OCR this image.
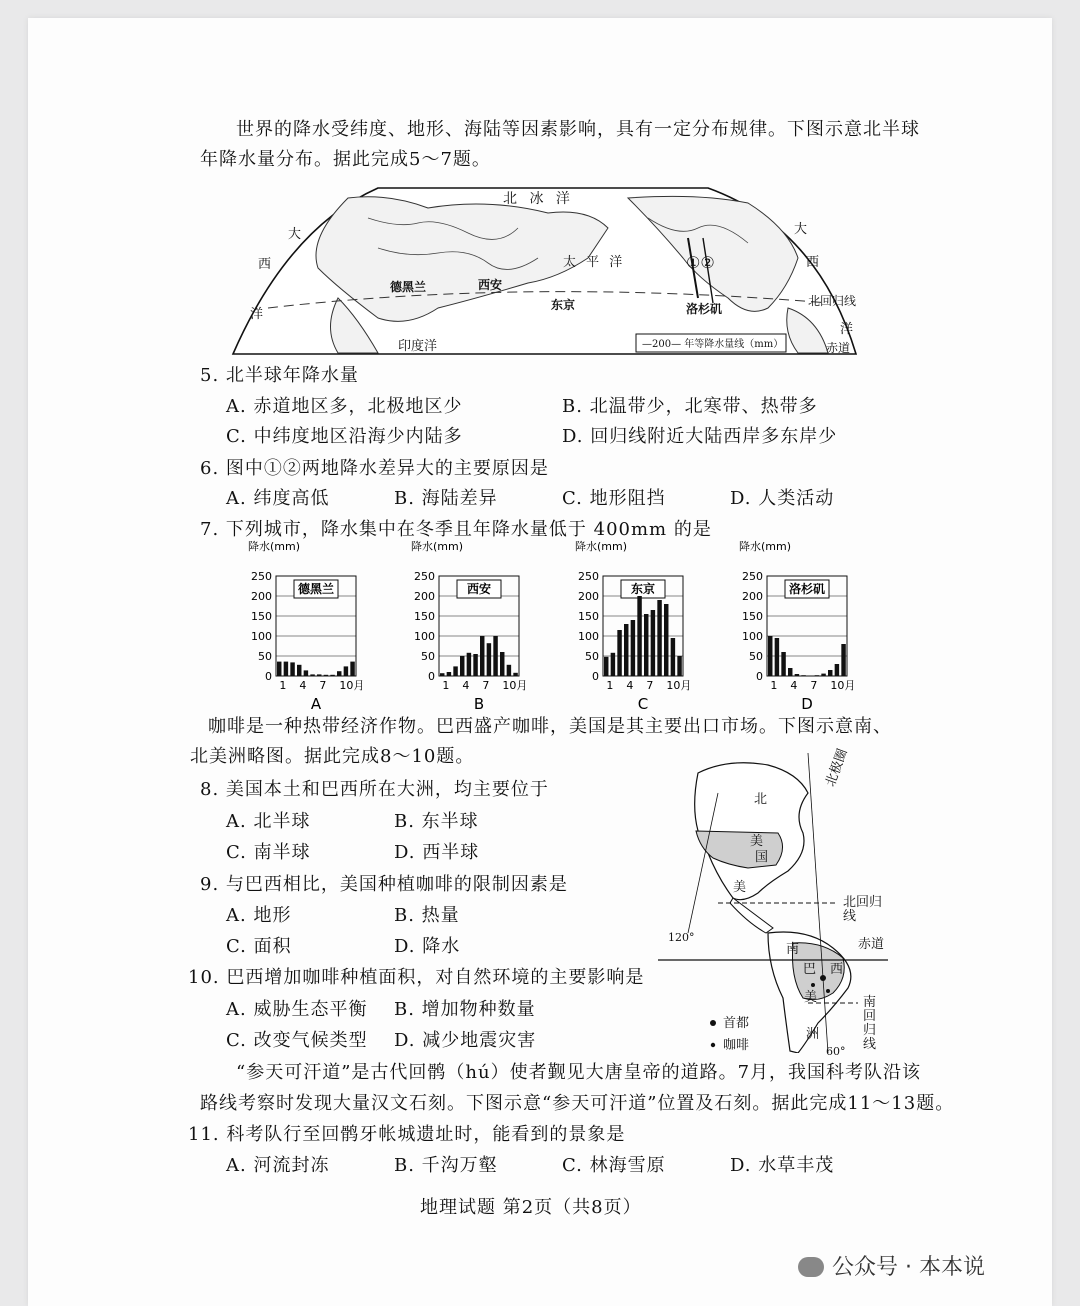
世界的降水受纬度、地形、海陆等因素影响，具有一定分布规律。下图示意北半球
年降水量分布。据此完成5～7题。
北 冰 洋
大
西
洋
大
西
洋
太 平 洋
印度洋
德黑兰	西安
东京	洛杉矶
①②
北回归线
赤道
—200— 年等降水量线（mm）
5. 北半球年降水量
A. 赤道地区多，北极地区少	B. 北温带少，北寒带、热带多
C. 中纬度地区沿海少内陆多	D. 回归线附近大陆西岸多东岸少
6. 图中①②两地降水差异大的主要原因是
A. 纬度高低	B. 海陆差异	C. 地形阻挡	D. 人类活动
7. 下列城市，降水集中在冬季且年降水量低于 400mm 的是
降水(mm)
0
50
100
150
200
250
德黑兰
1 4 7 10月
A
降水(mm)
0
50
100
150
200
250
西安
1 4 7 10月
B
降水(mm)
0
50
100
150
200
250
东京
1 4 7 10月
C
降水(mm)
0
50
100
150
200
250
洛杉矶
1 4 7 10月
D
咖啡是一种热带经济作物。巴西盛产咖啡，美国是其主要出口市场。下图示意南、
北美洲略图。据此完成8～10题。
8. 美国本土和巴西所在大洲，均主要位于
A. 北半球	B. 东半球
C. 南半球	D. 西半球
9. 与巴西相比，美国种植咖啡的限制因素是
A. 地形	B. 热量
C. 面积	D. 降水
10. 巴西增加咖啡种植面积，对自然环境的主要影响是
A. 威胁生态平衡 B. 增加物种数量
C. 改变气候类型 D. 减少地震灾害
北极圈
北
美
国
美
北回归线
赤道
120°
南
巴 西
美	南回归线
洲
60°
首都
咖啡
“参天可汗道”是古代回鹘（hú）使者觐见大唐皇帝的道路。7月，我国科考队沿该
路线考察时发现大量汉文石刻。下图示意“参天可汗道”位置及石刻。据此完成11～13题。
11. 科考队行至回鹘牙帐城遗址时，能看到的景象是
A. 河流封冻	B. 千沟万壑	C. 林海雪原	D. 水草丰茂
地理试题 第2页（共8页）
公众号 · 本本说
